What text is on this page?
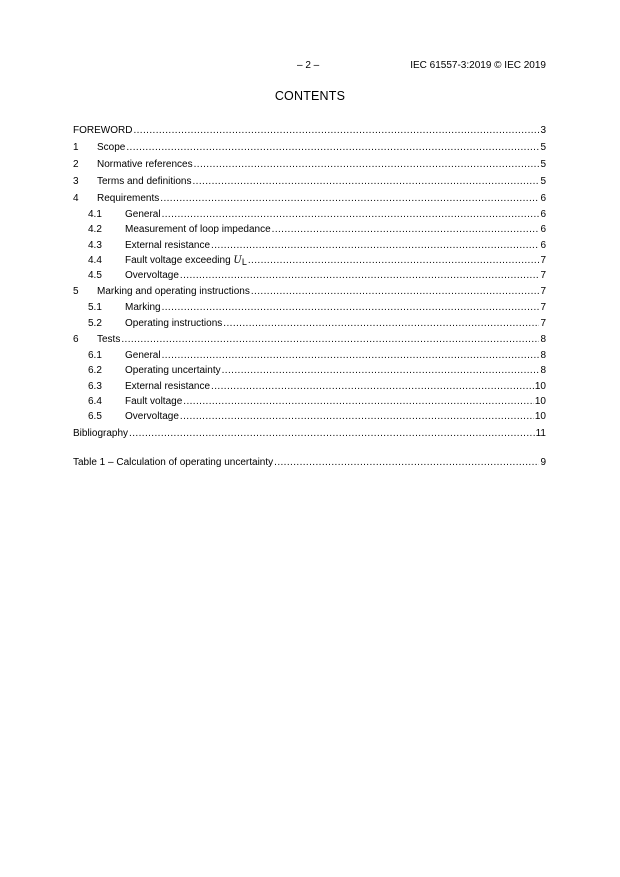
– 2 –	IEC 61557-3:2019 © IEC 2019
CONTENTS
FOREWORD .....	3
1	Scope .....	5
2	Normative references .....	5
3	Terms and definitions .....	5
4	Requirements .....	6
4.1	General .....	6
4.2	Measurement of loop impedance .....	6
4.3	External resistance .....	6
4.4	Fault voltage exceeding $U_L$ .....	7
4.5	Overvoltage .....	7
5	Marking and operating instructions .....	7
5.1	Marking .....	7
5.2	Operating instructions .....	7
6	Tests .....	8
6.1	General .....	8
6.2	Operating uncertainty .....	8
6.3	External resistance .....	10
6.4	Fault voltage .....	10
6.5	Overvoltage .....	10
Bibliography .....	11
Table 1 – Calculation of operating uncertainty .....	9
